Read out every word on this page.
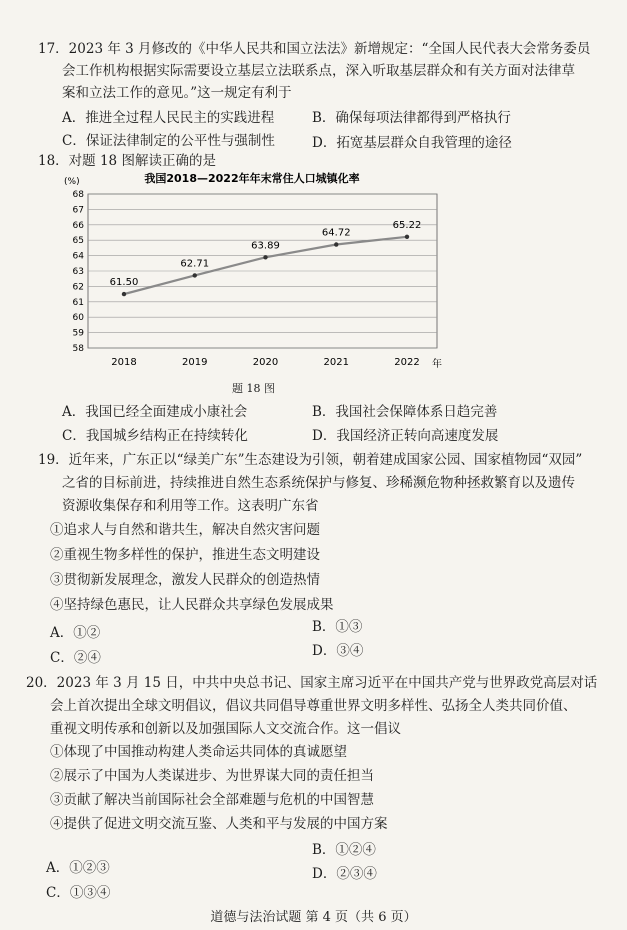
17．2023 年 3 月修改的《中华人民共和国立法法》新增规定：“全国人民代表大会常务委员
会工作机构根据实际需要设立基层立法联系点，深入听取基层群众和有关方面对法律草
案和立法工作的意见。”这一规定有利于
A．推进全过程人民民主的实践进程	B．确保每项法律都得到严格执行
C．保证法律制定的公平性与强制性	D．拓宽基层群众自我管理的途径
18．对题 18 图解读正确的是
58
59
60
61
62
63
64
65
66
67
68
2018	2019	2020	2021	2022
61.50
62.71
63.89
64.72
65.22
我国2018—2022年年末常住人口城镇化率
(%)
年
题 18 图
A．我国已经全面建成小康社会	B．我国社会保障体系日趋完善
C．我国城乡结构正在持续转化	D．我国经济正转向高速度发展
19．近年来，广东正以“绿美广东”生态建设为引领，朝着建成国家公园、国家植物园“双园”
之省的目标前进，持续推进自然生态系统保护与修复、珍稀濒危物种拯救繁育以及遗传
资源收集保存和利用等工作。这表明广东省
①追求人与自然和谐共生，解决自然灾害问题
②重视生物多样性的保护，推进生态文明建设
③贯彻新发展理念，激发人民群众的创造热情
④坚持绿色惠民，让人民群众共享绿色发展成果
A．①②	B．①③
C．②④	D．③④
20．2023 年 3 月 15 日，中共中央总书记、国家主席习近平在中国共产党与世界政党高层对话
会上首次提出全球文明倡议，倡议共同倡导尊重世界文明多样性、弘扬全人类共同价值、
重视文明传承和创新以及加强国际人文交流合作。这一倡议
①体现了中国推动构建人类命运共同体的真诚愿望
②展示了中国为人类谋进步、为世界谋大同的责任担当
③贡献了解决当前国际社会全部难题与危机的中国智慧
④提供了促进文明交流互鉴、人类和平与发展的中国方案
A．①②③
B．①②④
C．①③④
D．②③④
道德与法治试题 第 4 页（共 6 页）
